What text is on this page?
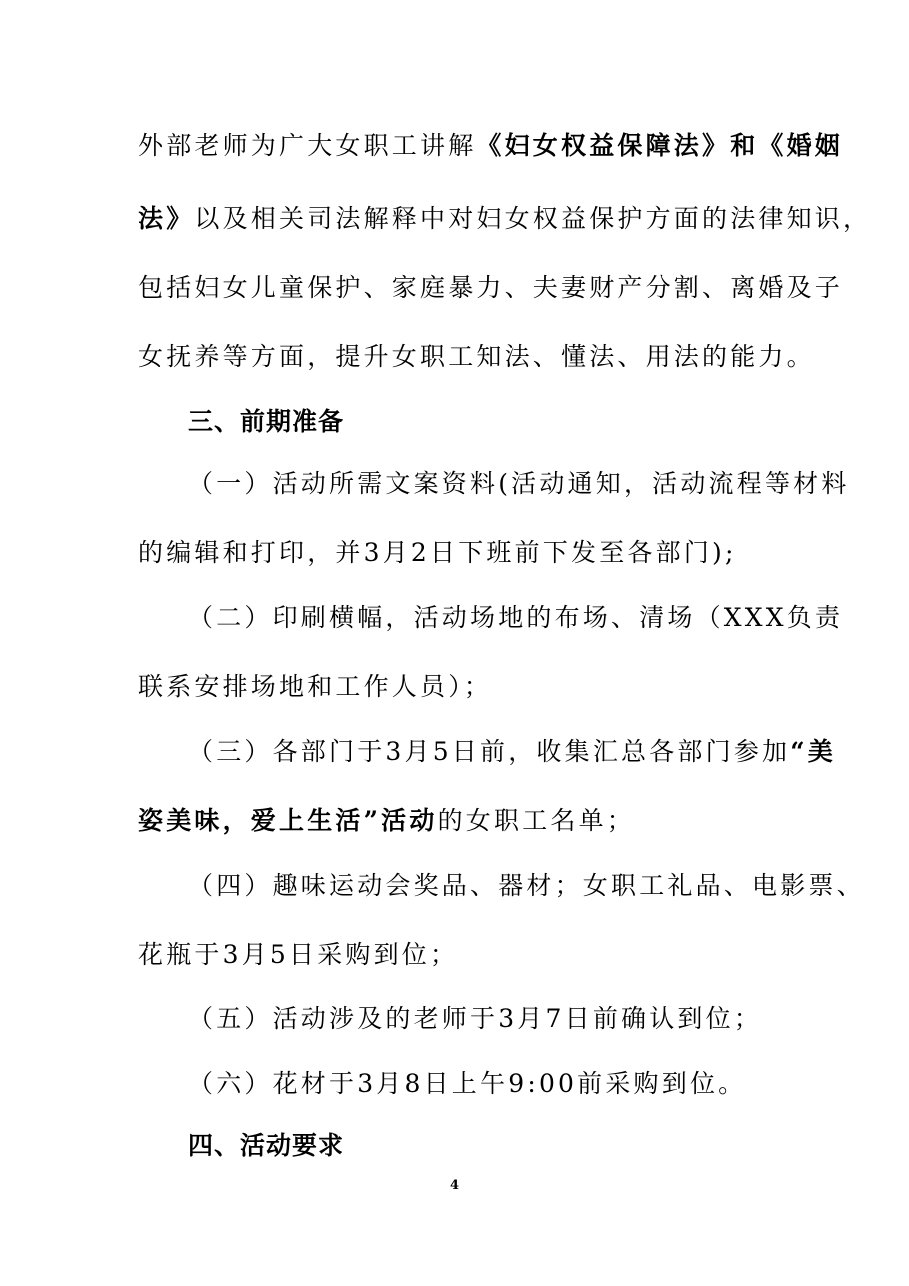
外部老师为广大女职工讲解《妇女权益保障法》和《婚姻
法》以及相关司法解释中对妇女权益保护方面的法律知识，
包括妇女儿童保护、家庭暴力、夫妻财产分割、离婚及子
女抚养等方面，提升女职工知法、懂法、用法的能力。
三、前期准备
（一）活动所需文案资料(活动通知，活动流程等材料
的编辑和打印，并3月2日下班前下发至各部门);
（二）印刷横幅，活动场地的布场、清场（XXX负责
联系安排场地和工作人员）；
（三）各部门于3月5日前，收集汇总各部门参加“美
姿美味，爱上生活”活动的女职工名单；
（四）趣味运动会奖品、器材；女职工礼品、电影票、
花瓶于3月5日采购到位；
（五）活动涉及的老师于3月7日前确认到位；
（六）花材于3月8日上午9:00前采购到位。
四、活动要求
4
